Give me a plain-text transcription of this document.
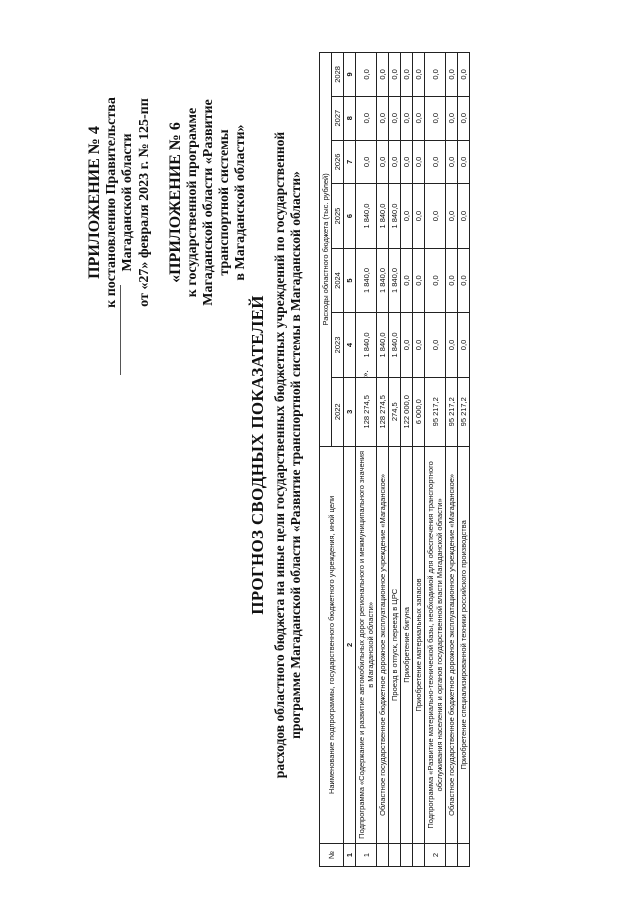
ПРИЛОЖЕНИЕ № 4 к постановлению Правительства Магаданской области от «27» февраля 2023 г. № 125-пп «ПРИЛОЖЕНИЕ № 6 к государственной программе Магаданской области «Развитие транспортной системы в Магаданской области»
ПРОГНОЗ СВОДНЫХ ПОКАЗАТЕЛЕЙ расходов областного бюджета на иные цели государственных бюджетных учреждений по государственной программе Магаданской области «Развитие транспортной системы в Магаданской области»
№	Наименование подпрограммы, государственного бюджетного учреждения, иной цели	Расходы областного бюджета (тыс. рублей)						
		2022	2023	2024	2025	2026	2027	2028
1	2	3	4	5	6	7	8	9
1	Подпрограмма «Содержание и развитие автомобильных дорог регионального и межмуниципального значения в Магаданской области»	128 274,5	1 840,0	1 840,0	1 840,0	0,0	0,0	0,0
	Областное государственное бюджетное дорожное эксплуатационное учреждение «Магаданское»	128 274,5	1 840,0	1 840,0	1 840,0	0,0	0,0	0,0
	Проезд в отпуск, переезд в ЦРС	274,5	1 840,0	1 840,0	1 840,0	0,0	0,0	0,0
	Приобретение бигуна	122 000,0	0,0	0,0	0,0	0,0	0,0	0,0
	Приобретение материальных запасов	6 000,0	0,0	0,0	0,0	0,0	0,0	0,0
2	Подпрограмма «Развитие материально-технической базы, необходимой для обеспечения транспортного обслуживания населения и органов государственной власти Магаданской области»	95 217,2	0,0	0,0	0,0	0,0	0,0	0,0
	Областное государственное бюджетное дорожное эксплуатационное учреждение «Магаданское»	95 217,2	0,0	0,0	0,0	0,0	0,0	0,0
	Приобретение специализированной техники российского производства	95 217,2	0,0	0,0	0,0	0,0	0,0	0,0
».
